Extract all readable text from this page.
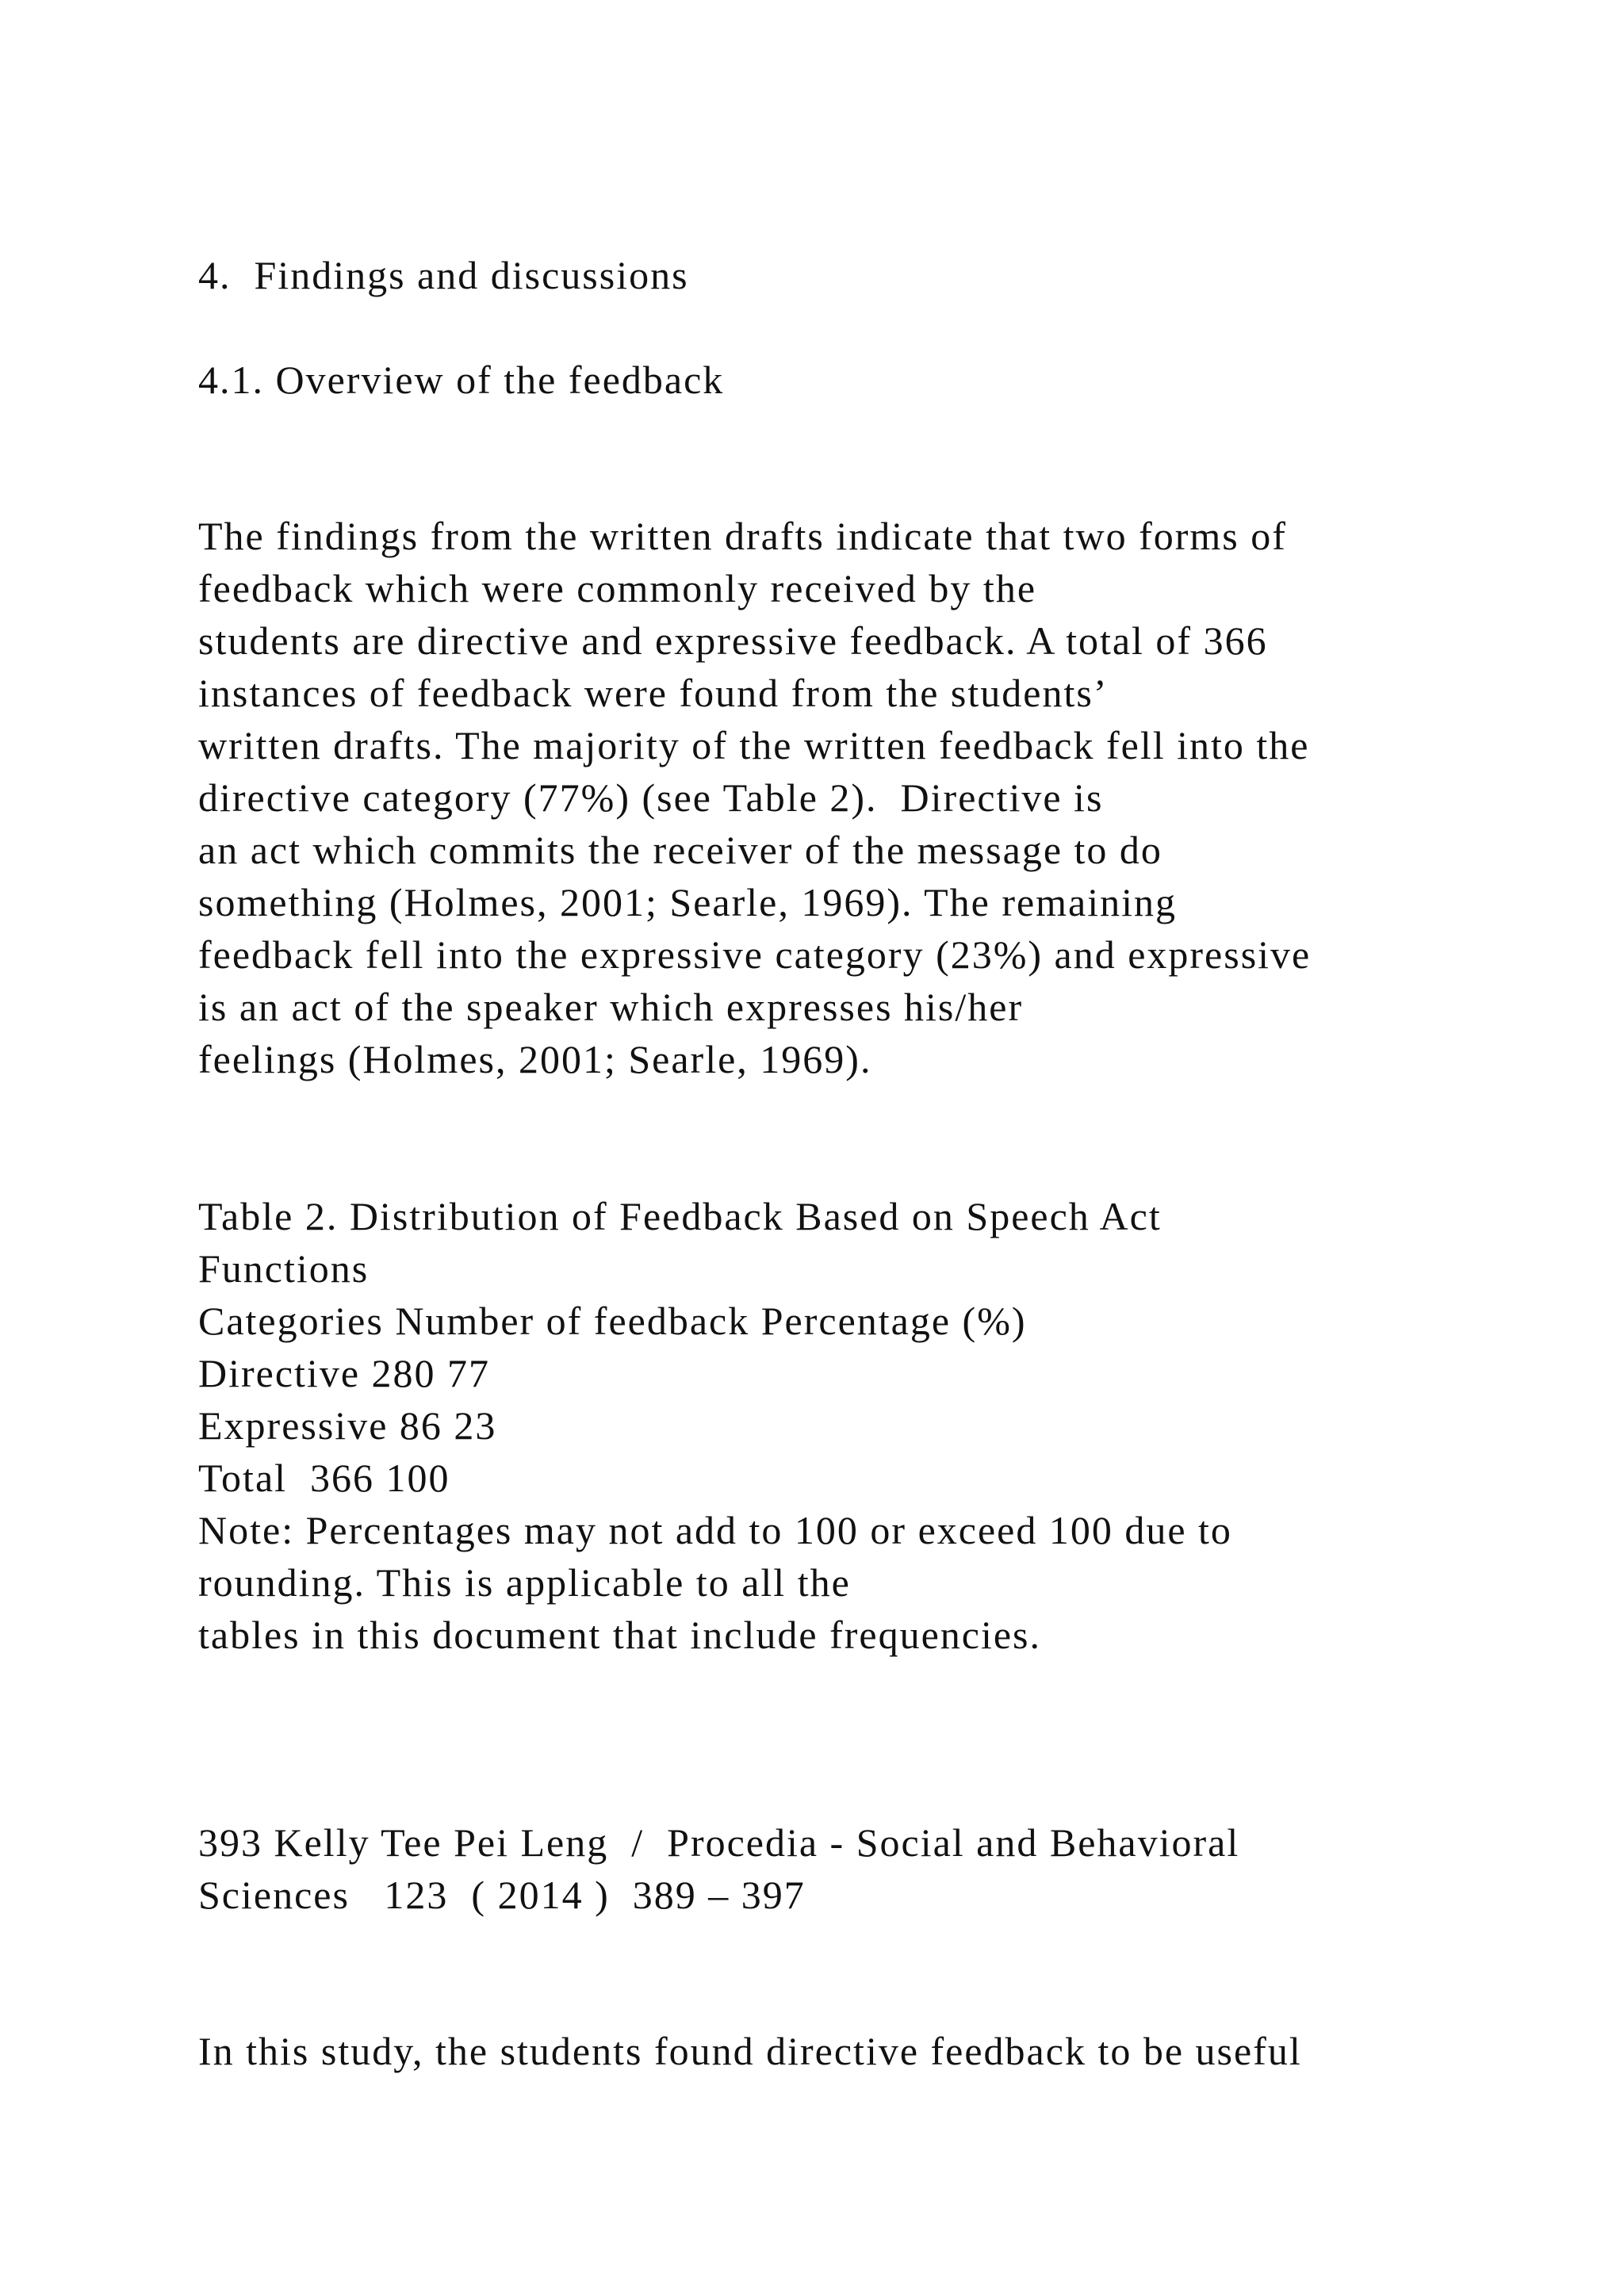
4.  Findings and discussions

4.1. Overview of the feedback

The findings from the written drafts indicate that two forms of

feedback which were commonly received by the

students are directive and expressive feedback. A total of 366

instances of feedback were found from the students’

written drafts. The majority of the written feedback fell into the

directive category (77%) (see Table 2).  Directive is

an act which commits the receiver of the message to do

something (Holmes, 2001; Searle, 1969). The remaining

feedback fell into the expressive category (23%) and expressive

is an act of the speaker which expresses his/her

feelings (Holmes, 2001; Searle, 1969).

Table 2. Distribution of Feedback Based on Speech Act

Functions

Categories Number of feedback Percentage (%)

Directive 280 77

Expressive 86 23

Total  366 100

Note: Percentages may not add to 100 or exceed 100 due to

rounding. This is applicable to all the

tables in this document that include frequencies.

393 Kelly Tee Pei Leng  /  Procedia - Social and Behavioral

Sciences   123  ( 2014 )  389 – 397

In this study, the students found directive feedback to be useful
